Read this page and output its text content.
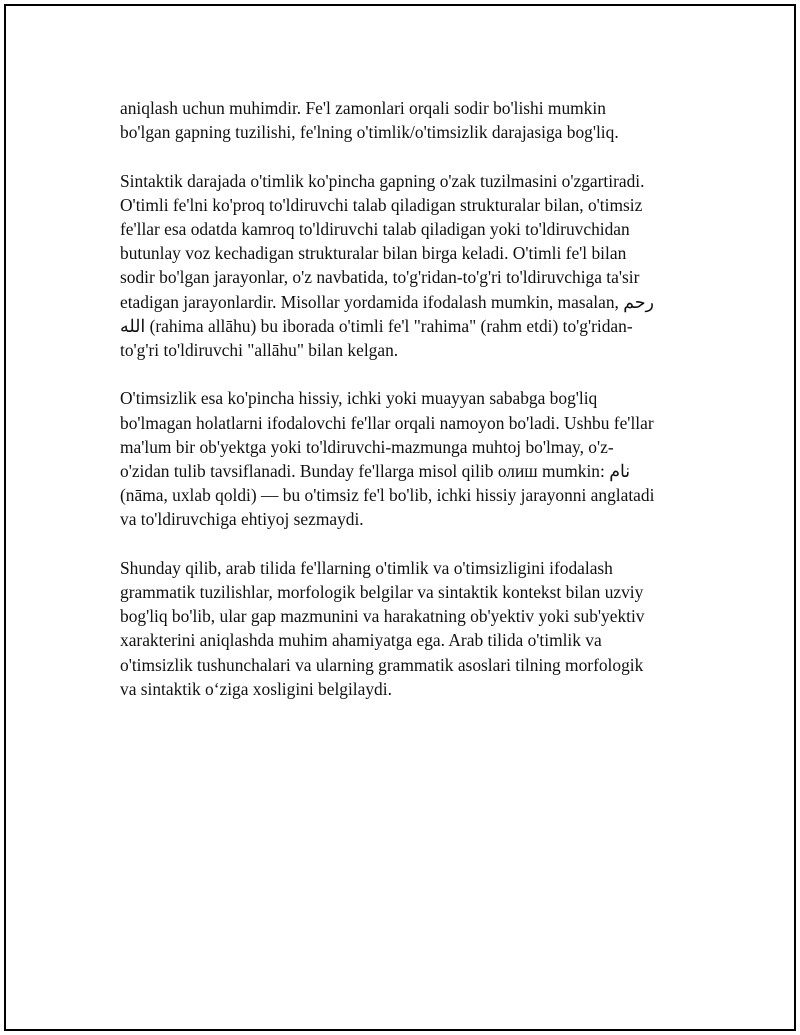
aniqlash uchun muhimdir. Fe'l zamonlari orqali sodir bo'lishi mumkin
bo'lgan gapning tuzilishi, fe'lning o'timlik/o'timsizlik darajasiga bog'liq.

Sintaktik darajada o'timlik ko'pincha gapning o'zak tuzilmasini o'zgartiradi.
O'timli fe'lni ko'proq to'ldiruvchi talab qiladigan strukturalar bilan, o'timsiz
fe'llar esa odatda kamroq to'ldiruvchi talab qiladigan yoki to'ldiruvchidan
butunlay voz kechadigan strukturalar bilan birga keladi. O'timli fe'l bilan
sodir bo'lgan jarayonlar, o'z navbatida, to'g'ridan-to'g'ri to'ldiruvchiga ta'sir
etadigan jarayonlardir. Misollar yordamida ifodalash mumkin, masalan, رحم
الله (rahima allāhu) bu iborada o'timli fe'l "rahima" (rahm etdi) to'g'ridan-
to'g'ri to'ldiruvchi "allāhu" bilan kelgan.

O'timsizlik esa ko'pincha hissiy, ichki yoki muayyan sababga bog'liq
bo'lmagan holatlarni ifodalovchi fe'llar orqali namoyon bo'ladi. Ushbu fe'llar
ma'lum bir ob'yektga yoki to'ldiruvchi-mazmunga muhtoj bo'lmay, o'z-
o'zidan tulib tavsiflanadi. Bunday fe'llarga misol qilib олиш mumkin: نام
(nāma, uxlab qoldi) — bu o'timsiz fe'l bo'lib, ichki hissiy jarayonni anglatadi
va to'ldiruvchiga ehtiyoj sezmaydi.

Shunday qilib, arab tilida fe'llarning o'timlik va o'timsizligini ifodalash
grammatik tuzilishlar, morfologik belgilar va sintaktik kontekst bilan uzviy
bog'liq bo'lib, ular gap mazmunini va harakatning ob'yektiv yoki sub'yektiv
xarakterini aniqlashda muhim ahamiyatga ega. Arab tilida o'timlik va
o'timsizlik tushunchalari va ularning grammatik asoslari tilning morfologik
va sintaktik oʻziga xosligini belgilaydi.
